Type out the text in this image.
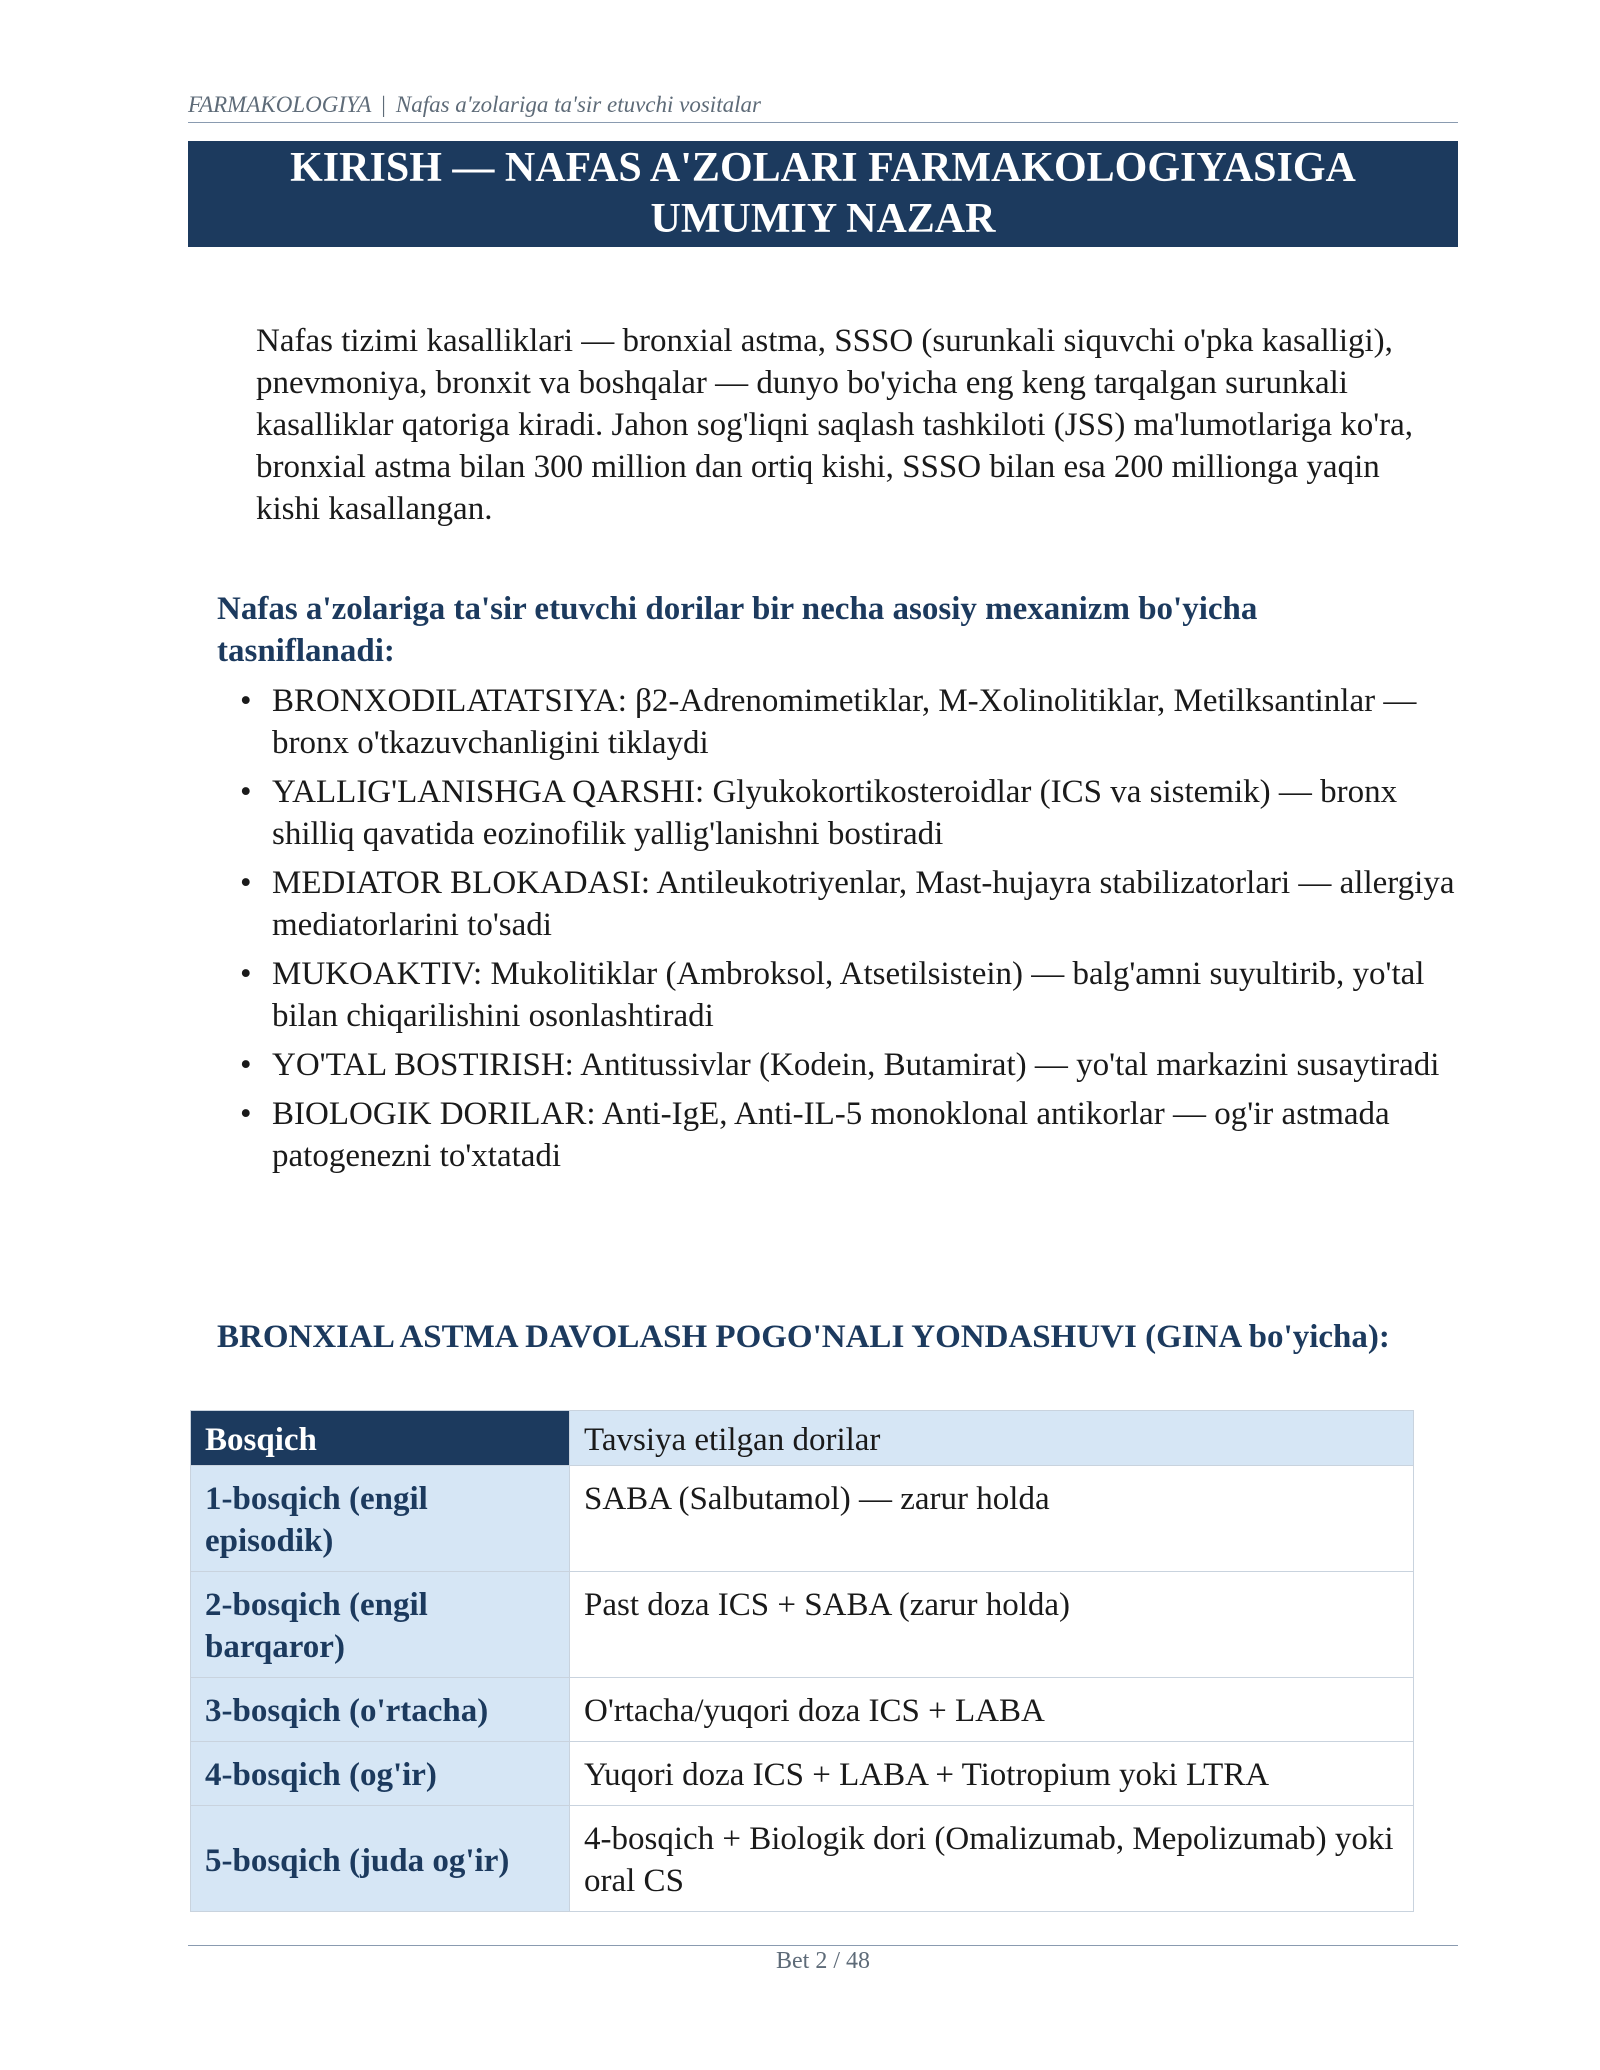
FARMAKOLOGIYA | Nafas a'zolariga ta'sir etuvchi vositalar
KIRISH — NAFAS A'ZOLARI FARMAKOLOGIYASIGA
UMUMIY NAZAR

Nafas tizimi kasalliklari — bronxial astma, SSSO (surunkali siquvchi o'pka kasalligi), pnevmoniya, bronxit va boshqalar — dunyo bo'yicha eng keng tarqalgan surunkali kasalliklar qatoriga kiradi. Jahon sog'liqni saqlash tashkiloti (JSS) ma'lumotlariga ko'ra, bronxial astma bilan 300 million dan ortiq kishi, SSSO bilan esa 200 millionga yaqin kishi kasallangan.

Nafas a'zolariga ta'sir etuvchi dorilar bir necha asosiy mexanizm bo'yicha tasniflanadi:

• BRONXODILATATSIYA: β2-Adrenomimetiklar, M-Xolinolitiklar, Metilksantinlar — bronx o'tkazuvchanligini tiklaydi
• YALLIG'LANISHGA QARSHI: Glyukokortikosteroidlar (ICS va sistemik) — bronx shilliq qavatida eozinofilik yallig'lanishni bostiradi
• MEDIATOR BLOKADASI: Antileukotriyenlar, Mast-hujayra stabilizatorlari — allergiya mediatorlarini to'sadi
• MUKOAKTIV: Mukolitiklar (Ambroksol, Atsetilsistein) — balg'amni suyultirib, yo'tal bilan chiqarilishini osonlashtiradi
• YO'TAL BOSTIRISH: Antitussivlar (Kodein, Butamirat) — yo'tal markazini susaytiradi
• BIOLOGIK DORILAR: Anti-IgE, Anti-IL-5 monoklonal antikorlar — og'ir astmada patogenezni to'xtatadi

BRONXIAL ASTMA DAVOLASH POGO'NALI YONDASHUVI (GINA bo'yicha):

Bosqich	Tavsiya etilgan dorilar
1-bosqich (engil episodik)	SABA (Salbutamol) — zarur holda
2-bosqich (engil barqaror)	Past doza ICS + SABA (zarur holda)
3-bosqich (o'rtacha)	O'rtacha/yuqori doza ICS + LABA
4-bosqich (og'ir)	Yuqori doza ICS + LABA + Tiotropium yoki LTRA
5-bosqich (juda og'ir)	4-bosqich + Biologik dori (Omalizumab, Mepolizumab) yoki oral CS
Bet 2 / 48
